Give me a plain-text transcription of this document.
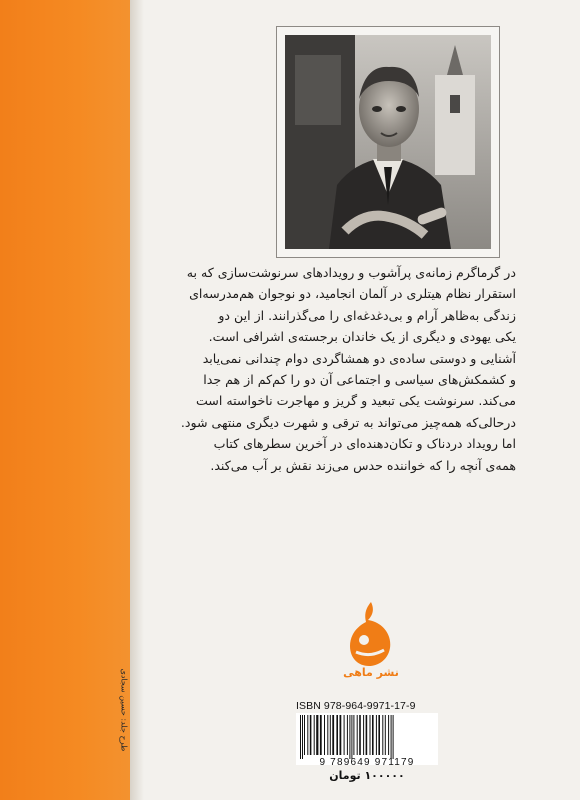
در گرماگرم زمانه‌ی پرآشوب و رویدادهای سرنوشت‌سازی که به
استقرار نظام هیتلری در آلمان انجامید، دو نوجوان هم‌مدرسه‌ای
زندگی به‌ظاهر آرام و بی‌دغدغه‌ای را می‌گذرانند. از این دو
یکی یهودی و دیگری از یک خاندان برجسته‌ی اشرافی است.
آشنایی و دوستی ساده‌ی دو همشاگردی دوام چندانی نمی‌یابد
و کشمکش‌های سیاسی و اجتماعی آن دو را کم‌کم از هم جدا
می‌کند. سرنوشت یکی تبعید و گریز و مهاجرت ناخواسته است
درحالی‌که همه‌چیز می‌تواند به ترقی و شهرت دیگری منتهی شود.
اما رویداد دردناک و تکان‌دهنده‌ای در آخرین سطرهای کتاب
همه‌ی آنچه را که خواننده حدس می‌زند نقش بر آب می‌کند.
نشر ماهی
ISBN 978-964-9971-17-9
9 789649 971179
۱۰۰۰۰۰ تومان
طرح جلد: حسین سجادی
